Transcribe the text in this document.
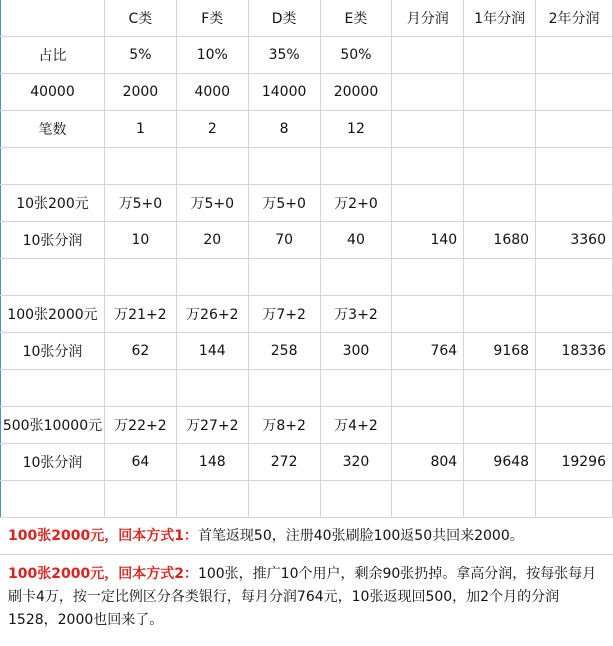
	C类	F类	D类	E类	月分润	1年分润	2年分润
占比	5%	10%	35%	50%			
40000	2000	4000	14000	20000			
笔数	1	2	8	12			

10张200元	万5+0	万5+0	万5+0	万2+0			
10张分润	10	20	70	40	140	1680	3360

100张2000元	万21+2	万26+2	万7+2	万3+2			
10张分润	62	144	258	300	764	9168	18336

500张10000元	万22+2	万27+2	万8+2	万4+2			
10张分润	64	148	272	320	804	9648	19296

100张2000元，回本方式1：首笔返现50，注册40张刷脸100返50共回来2000。
100张2000元，回本方式2：100张，推广10个用户，剩余90张扔掉。拿高分润，按每张每月刷卡4万，按一定比例区分各类银行，每月分润764元，10张返现回500，加2个月的分润1528，2000也回来了。
